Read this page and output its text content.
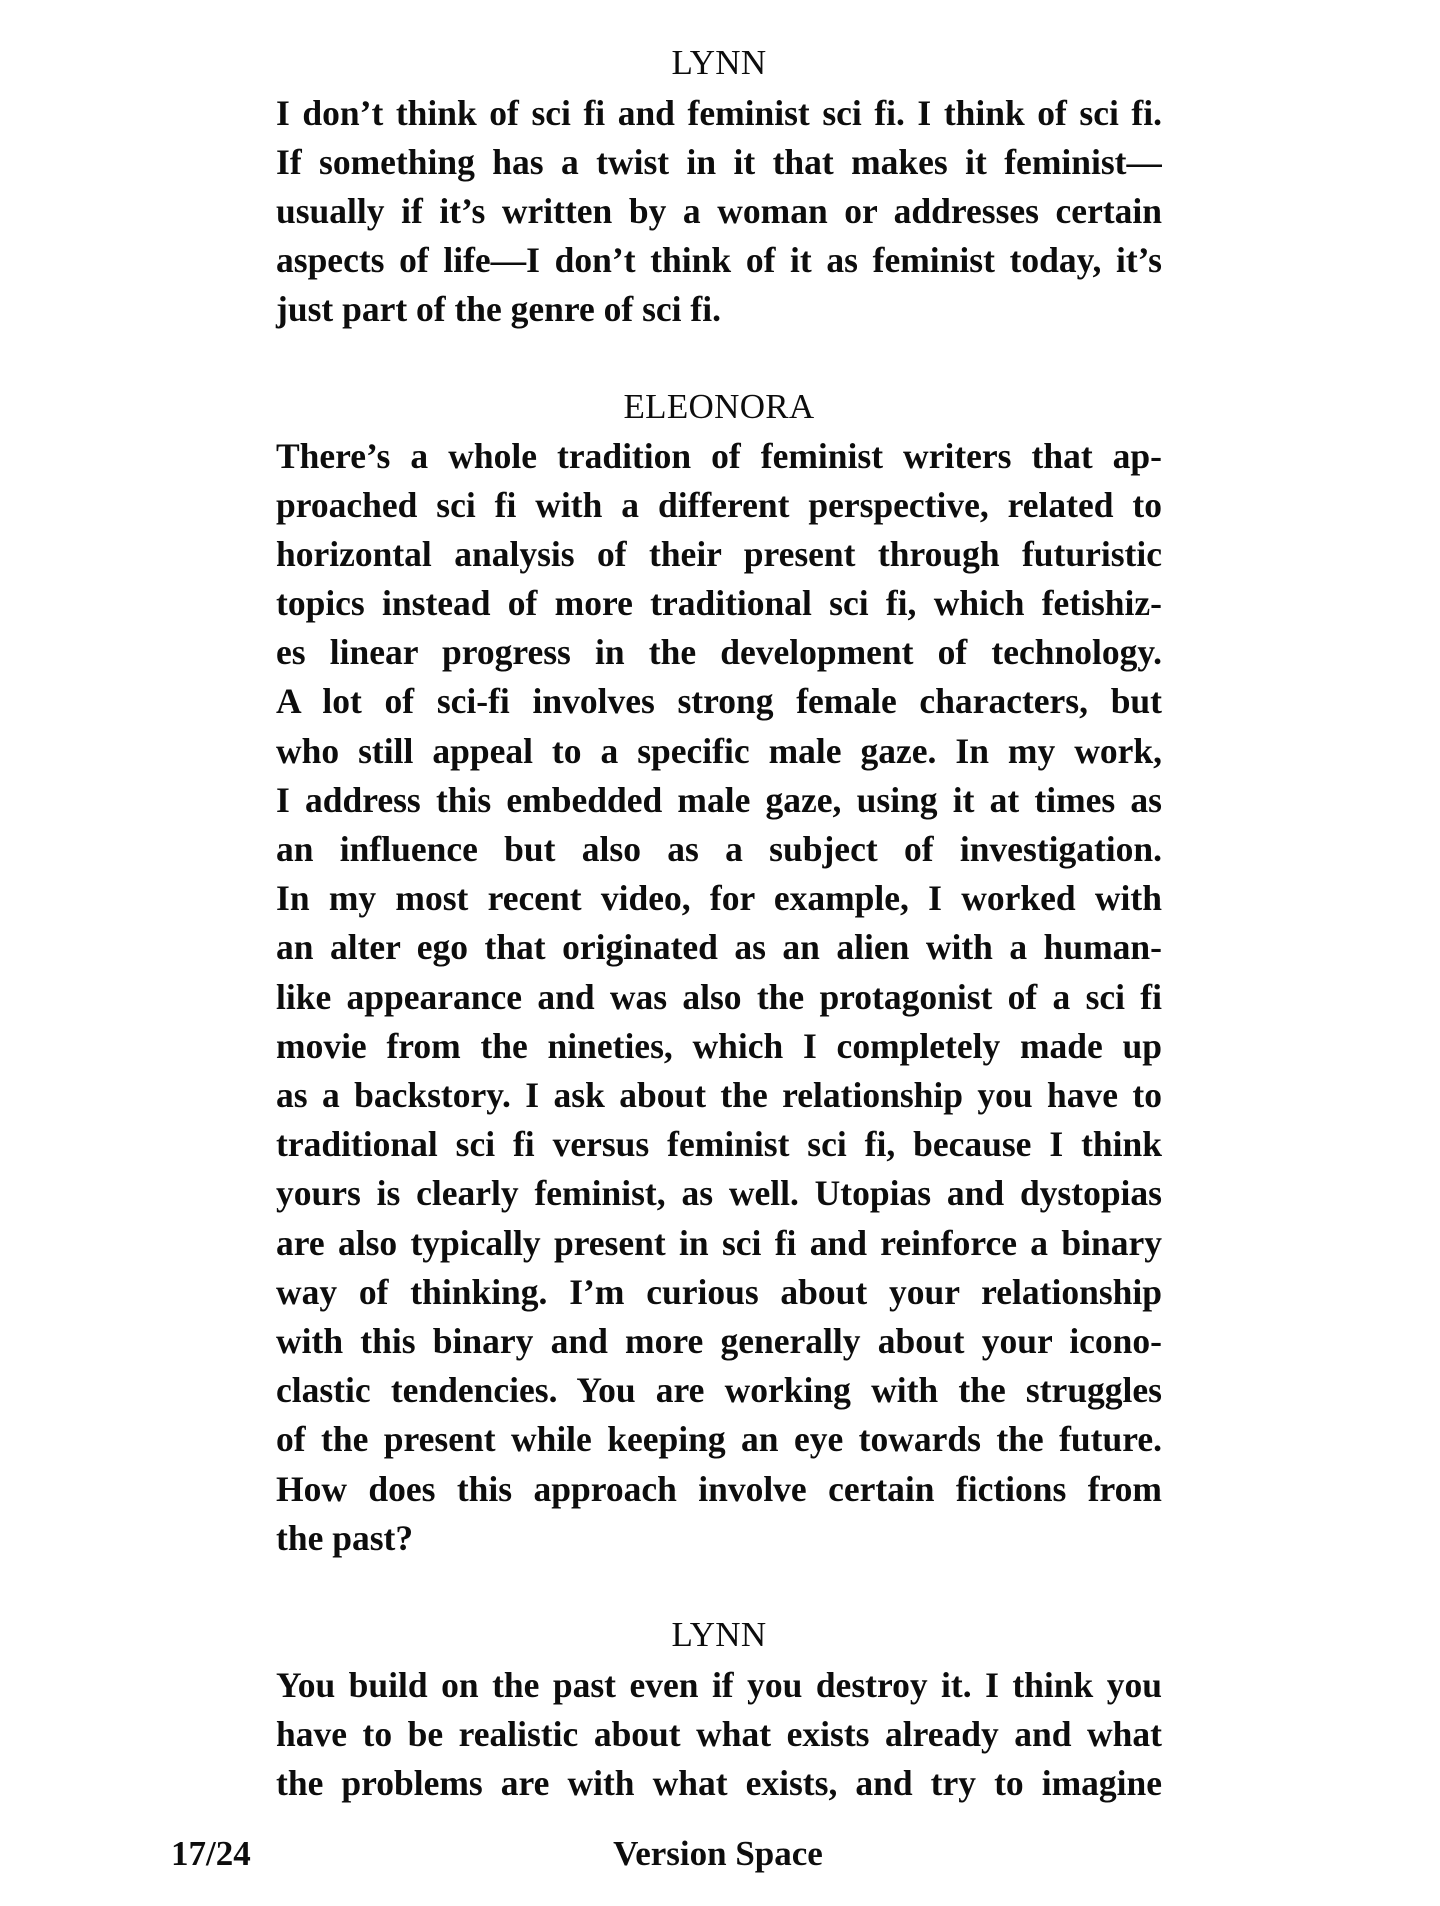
LYNN
I don’t think of sci fi and feminist sci fi. I think of sci fi.
If something has a twist in it that makes it feminist—
usually if it’s written by a woman or addresses certain
aspects of life—I don’t think of it as feminist today, it’s
just part of the genre of sci fi.
ELEONORA
There’s a whole tradition of feminist writers that ap-
proached sci fi with a different perspective, related to
horizontal analysis of their present through futuristic
topics instead of more traditional sci fi, which fetishiz-
es linear progress in the development of technology.
A lot of sci-fi involves strong female characters, but
who still appeal to a specific male gaze. In my work,
I address this embedded male gaze, using it at times as
an influence but also as a subject of investigation.
In my most recent video, for example, I worked with
an alter ego that originated as an alien with a human-
like appearance and was also the protagonist of a sci fi
movie from the nineties, which I completely made up
as a backstory. I ask about the relationship you have to
traditional sci fi versus feminist sci fi, because I think
yours is clearly feminist, as well. Utopias and dystopias
are also typically present in sci fi and reinforce a binary
way of thinking. I’m curious about your relationship
with this binary and more generally about your icono-
clastic tendencies. You are working with the struggles
of the present while keeping an eye towards the future.
How does this approach involve certain fictions from
the past?
LYNN
You build on the past even if you destroy it. I think you
have to be realistic about what exists already and what
the problems are with what exists, and try to imagine
17/24	Version Space
